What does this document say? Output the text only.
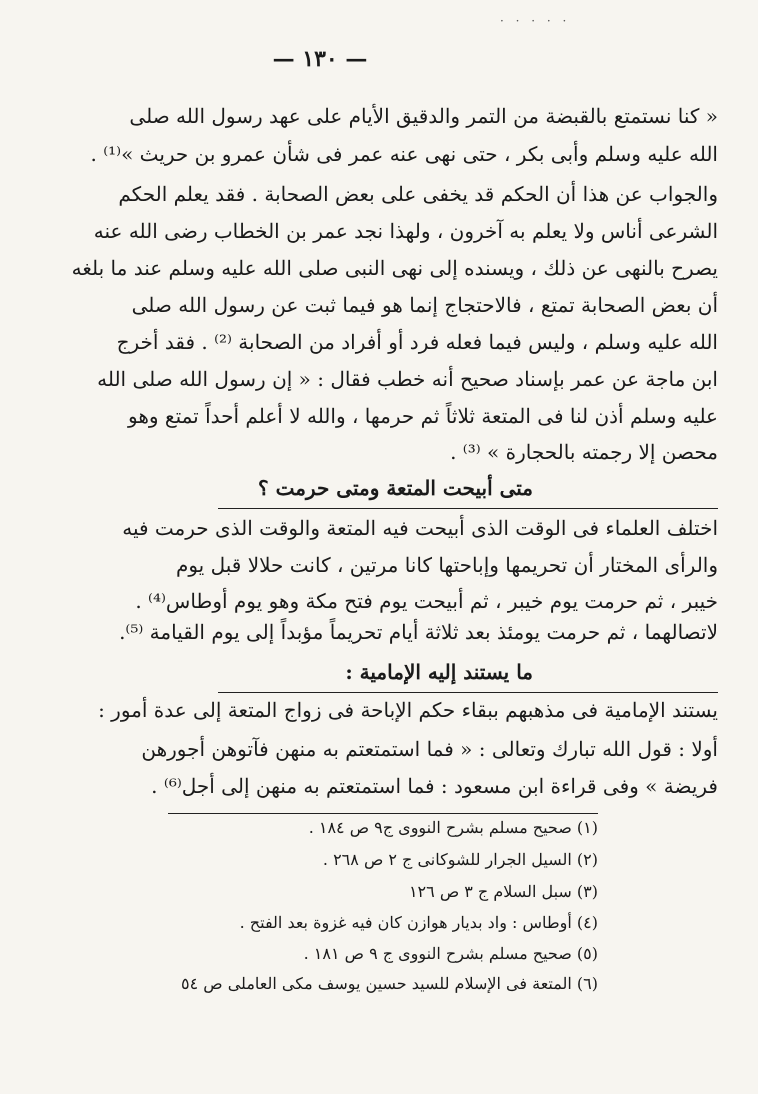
· · · · ·
— ١٣٠ —
« كنا نستمتع بالقبضة من التمر والدقيق الأيام على عهد رسول الله صلى
الله عليه وسلم وأبى بكر ، حتى نهى عنه عمر فى شأن عمرو بن حريث »⁽¹⁾ .
والجواب عن هذا أن الحكم قد يخفى على بعض الصحابة . فقد يعلم الحكم
الشرعى أناس ولا يعلم به آخرون ، ولهذا نجد عمر بن الخطاب رضى الله عنه
يصرح بالنهى عن ذلك ، ويسنده إلى نهى النبى صلى الله عليه وسلم عند ما بلغه
أن بعض الصحابة تمتع ، فالاحتجاج إنما هو فيما ثبت عن رسول الله صلى
الله عليه وسلم ، وليس فيما فعله فرد أو أفراد من الصحابة ⁽²⁾ . فقد أخرج
ابن ماجة عن عمر بإسناد صحيح أنه خطب فقال : « إن رسول الله صلى الله
عليه وسلم أذن لنا فى المتعة ثلاثاً ثم حرمها ، والله لا أعلم أحداً تمتع وهو
محصن إلا رجمته بالحجارة » ⁽³⁾ .
متى أبيحت المتعة ومتى حرمت ؟
اختلف العلماء فى الوقت الذى أبيحت فيه المتعة والوقت الذى حرمت فيه
والرأى المختار أن تحريمها وإباحتها كانا مرتين ، كانت حلالا قبل يوم
خيبر ، ثم حرمت يوم خيبر ، ثم أبيحت يوم فتح مكة وهو يوم أوطاس⁽⁴⁾ .
لاتصالهما ، ثم حرمت يومئذ بعد ثلاثة أيام تحريماً مؤبداً إلى يوم القيامة ⁽⁵⁾.
ما يستند إليه الإمامية :
يستند الإمامية فى مذهبهم ببقاء حكم الإباحة فى زواج المتعة إلى عدة أمور :
أولا : قول الله تبارك وتعالى : « فما استمتعتم به منهن فآتوهن أجورهن
فريضة » وفى قراءة ابن مسعود : فما استمتعتم به منهن إلى أجل⁽⁶⁾ .
(١) صحيح مسلم بشرح النووى ج٩ ص ١٨٤ .
(٢) السيل الجرار للشوكانى ج ٢ ص ٢٦٨ .
(٣) سبل السلام ج ٣ ص ١٢٦
(٤) أوطاس : واد بديار هوازن كان فيه غزوة بعد الفتح .
(٥) صحيح مسلم بشرح النووى ج ٩ ص ١٨١ .
(٦) المتعة فى الإسلام للسيد حسين يوسف مكى العاملى ص ٥٤
